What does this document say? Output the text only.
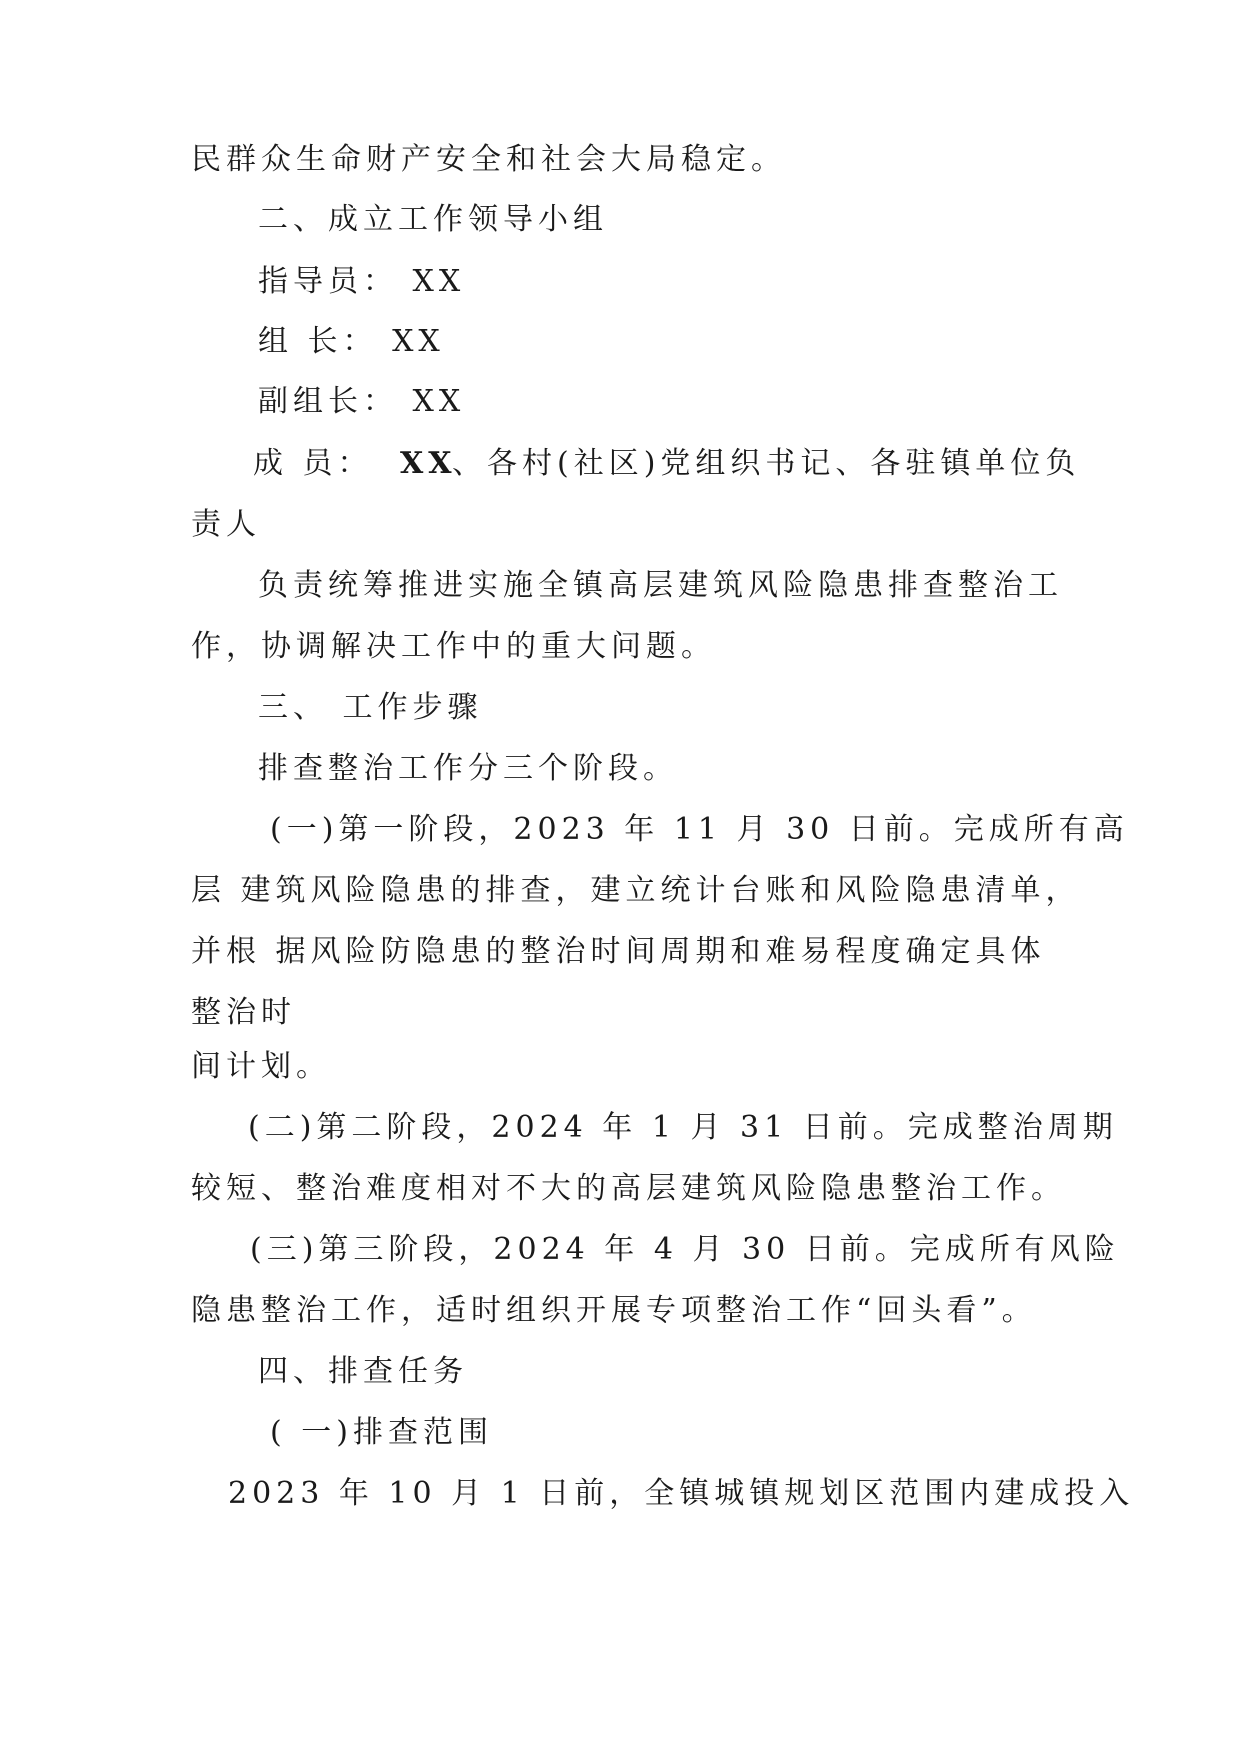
民群众生命财产安全和社会大局稳定。
二、成立工作领导小组
指导员： XX
组 长： XX
副组长： XX
成 员： XX
、各村(社区)党组织书记、各驻镇单位负
责人
负责统筹推进实施全镇高层建筑风险隐患排查整治工
作，协调解决工作中的重大问题。
三、 工作步骤
排查整治工作分三个阶段。
(一)第一阶段，2023 年 11 月 30 日前。完成所有高
层 建筑风险隐患的排查，建立统计台账和风险隐患清单，
并根 据风险防隐患的整治时间周期和难易程度确定具体
整治时
间计划。
(二)第二阶段，2024 年 1 月 31 日前。完成整治周期
较短、整治难度相对不大的高层建筑风险隐患整治工作。
(三)第三阶段，2024 年 4 月 30 日前。完成所有风险
隐患整治工作，适时组织开展专项整治工作“回头看”。
四、排查任务
( 一)排查范围
2023 年 10 月 1 日前，全镇城镇规划区范围内建成投入
